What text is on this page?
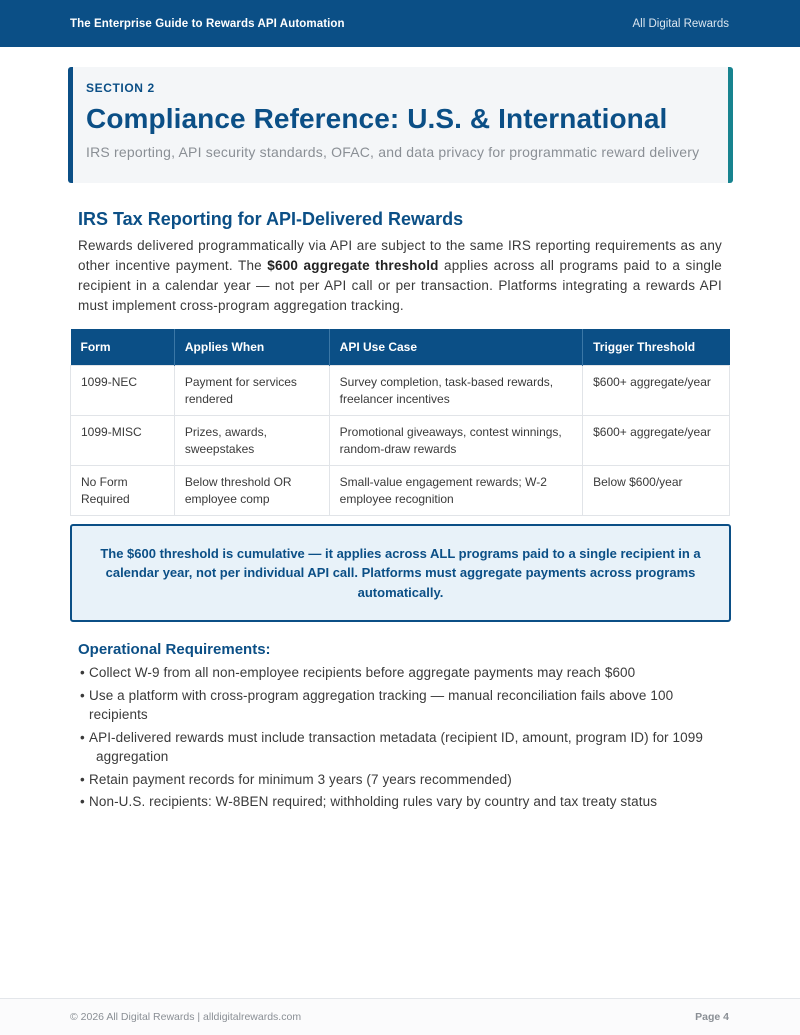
The Enterprise Guide to Rewards API Automation	All Digital Rewards
SECTION 2
Compliance Reference: U.S. & International
IRS reporting, API security standards, OFAC, and data privacy for programmatic reward delivery
IRS Tax Reporting for API-Delivered Rewards

Rewards delivered programmatically via API are subject to the same IRS reporting requirements as any other incentive payment. The $600 aggregate threshold applies across all programs paid to a single recipient in a calendar year — not per API call or per transaction. Platforms integrating a rewards API must implement cross-program aggregation tracking.

Form	Applies When	API Use Case	Trigger Threshold
1099-NEC	Payment for services rendered	Survey completion, task-based rewards, freelancer incentives	$600+ aggregate/year
1099-MISC	Prizes, awards, sweepstakes	Promotional giveaways, contest winnings, random-draw rewards	$600+ aggregate/year
No Form Required	Below threshold OR employee comp	Small-value engagement rewards; W-2 employee recognition	Below $600/year

The $600 threshold is cumulative — it applies across ALL programs paid to a single recipient in a calendar year, not per individual API call. Platforms must aggregate payments across programs automatically.

Operational Requirements:
• Collect W-9 from all non-employee recipients before aggregate payments may reach $600
• Use a platform with cross-program aggregation tracking — manual reconciliation fails above 100 recipients
• API-delivered rewards must include transaction metadata (recipient ID, amount, program ID) for 1099
aggregation
• Retain payment records for minimum 3 years (7 years recommended)
• Non-U.S. recipients: W-8BEN required; withholding rules vary by country and tax treaty status
© 2026 All Digital Rewards | alldigitalrewards.com	Page 4
